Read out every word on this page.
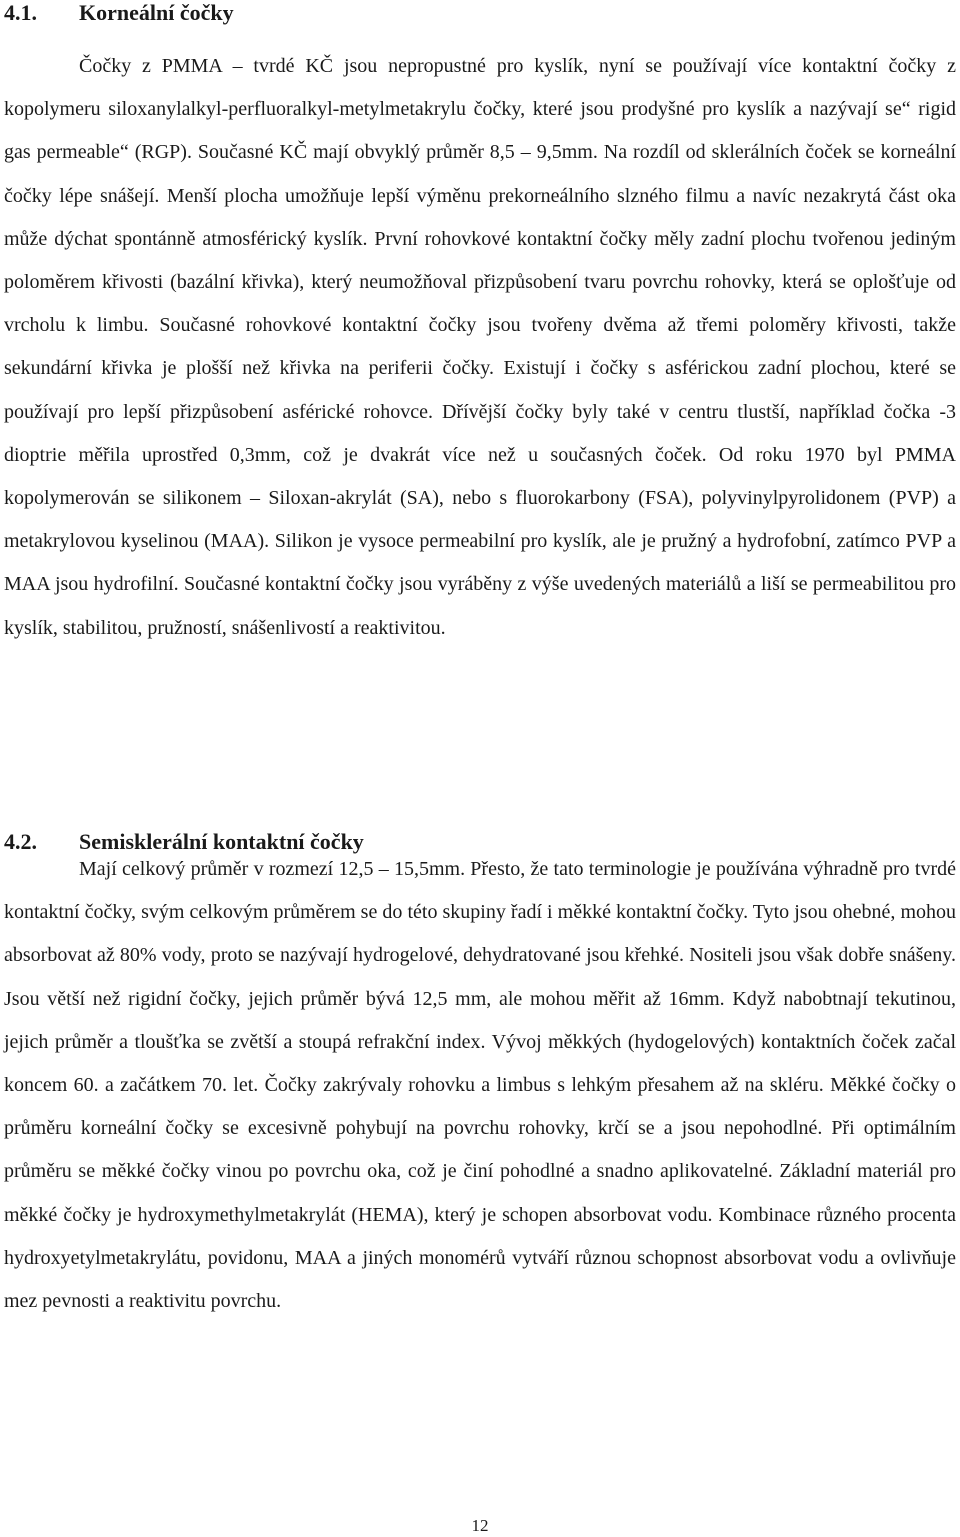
4.1. Korneální čočky

Čočky z PMMA – tvrdé KČ jsou nepropustné pro kyslík, nyní se používají více kontaktní čočky z kopolymeru siloxanylalkyl-perfluoralkyl-metylmetakrylu čočky, které jsou prodyšné pro kyslík a nazývají se“ rigid gas permeable“ (RGP). Současné KČ mají obvyklý průměr 8,5 – 9,5mm. Na rozdíl od sklerálních čoček se korneální čočky lépe snášejí. Menší plocha umožňuje lepší výměnu prekorneálního slzného filmu a navíc nezakrytá část oka může dýchat spontánně atmosférický kyslík. První rohovkové kontaktní čočky měly zadní plochu tvořenou jediným poloměrem křivosti (bazální křivka), který neumožňoval přizpůsobení tvaru povrchu rohovky, která se oplošťuje od vrcholu k limbu. Současné rohovkové kontaktní čočky jsou tvořeny dvěma až třemi poloměry křivosti, takže sekundární křivka je plošší než křivka na periferii čočky. Existují i čočky s asférickou zadní plochou, které se používají pro lepší přizpůsobení asférické rohovce. Dřívější čočky byly také v centru tlustší, například čočka -3 dioptrie měřila uprostřed 0,3mm, což je dvakrát více než u současných čoček. Od roku 1970 byl PMMA kopolymerován se silikonem – Siloxan-akrylát (SA), nebo s fluorokarbony (FSA), polyvinylpyrolidonem (PVP) a metakrylovou kyselinou (MAA). Silikon je vysoce permeabilní pro kyslík, ale je pružný a hydrofobní, zatímco PVP a MAA jsou hydrofilní. Současné kontaktní čočky jsou vyráběny z výše uvedených materiálů a liší se permeabilitou pro kyslík, stabilitou, pružností, snášenlivostí a reaktivitou.

4.2. Semisklerální kontaktní čočky

Mají celkový průměr v rozmezí 12,5 – 15,5mm. Přesto, že tato terminologie je používána výhradně pro tvrdé kontaktní čočky, svým celkovým průměrem se do této skupiny řadí i měkké kontaktní čočky. Tyto jsou ohebné, mohou absorbovat až 80% vody, proto se nazývají hydrogelové, dehydratované jsou křehké. Nositeli jsou však dobře snášeny. Jsou větší než rigidní čočky, jejich průměr bývá 12,5 mm, ale mohou měřit až 16mm. Když nabobtnají tekutinou, jejich průměr a tloušťka se zvětší a stoupá refrakční index. Vývoj měkkých (hydogelových) kontaktních čoček začal koncem 60. a začátkem 70. let. Čočky zakrývaly rohovku a limbus s lehkým přesahem až na skléru. Měkké čočky o průměru korneální čočky se excesivně pohybují na povrchu rohovky, krčí se a jsou nepohodlné. Při optimálním průměru se měkké čočky vinou po povrchu oka, což je činí pohodlné a snadno aplikovatelné. Základní materiál pro měkké čočky je hydroxymethylmetakrylát (HEMA), který je schopen absorbovat vodu. Kombinace různého procenta hydroxyetylmetakrylátu, povidonu, MAA a jiných monomérů vytváří různou schopnost absorbovat vodu a ovlivňuje mez pevnosti a reaktivitu povrchu.

12
